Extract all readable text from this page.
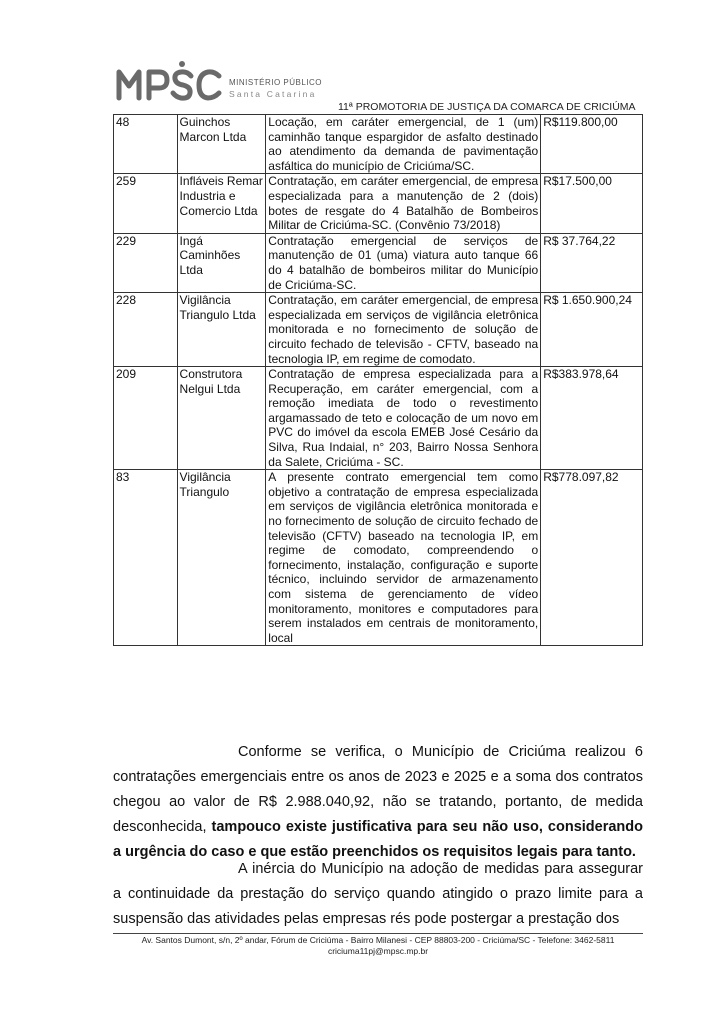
MINISTÉRIO PÚBLICO
Santa Catarina
11ª PROMOTORIA DE JUSTIÇA DA COMARCA DE CRICIÚMA
48	Guinchos Marcon Ltda	Locação, em caráter emergencial, de 1 (um) caminhão tanque espargidor de asfalto destinado ao atendimento da demanda de pavimentação asfáltica do município de Criciúma/SC.	R$119.800,00
259	Infláveis Remar Industria e Comercio Ltda	Contratação, em caráter emergencial, de empresa especializada para a manutenção de 2 (dois) botes de resgate do 4 Batalhão de Bombeiros Militar de Criciúma-SC. (Convênio 73/2018)	R$17.500,00
229	Ingá Caminhões Ltda	Contratação emergencial de serviços de manutenção de 01 (uma) viatura auto tanque 66 do 4 batalhão de bombeiros militar do Município de Criciúma-SC.	R$ 37.764,22
228	Vigilância Triangulo Ltda	Contratação, em caráter emergencial, de empresa especializada em serviços de vigilância eletrônica monitorada e no fornecimento de solução de circuito fechado de televisão - CFTV, baseado na tecnologia IP, em regime de comodato.	R$ 1.650.900,24
209	Construtora Nelgui Ltda	Contratação de empresa especializada para a Recuperação, em caráter emergencial, com a remoção imediata de todo o revestimento argamassado de teto e colocação de um novo em PVC do imóvel da escola EMEB José Cesário da Silva, Rua Indaial, n° 203, Bairro Nossa Senhora da Salete, Criciúma - SC.	R$383.978,64
83	Vigilância Triangulo	A presente contrato emergencial tem como objetivo a contratação de empresa especializada em serviços de vigilância eletrônica monitorada e no fornecimento de solução de circuito fechado de televisão (CFTV) baseado na tecnologia IP, em regime de comodato, compreendendo o fornecimento, instalação, configuração e suporte técnico, incluindo servidor de armazenamento com sistema de gerenciamento de vídeo monitoramento, monitores e computadores para serem instalados em centrais de monitoramento, local	R$778.097,82
Conforme se verifica, o Município de Criciúma realizou 6 contratações emergenciais entre os anos de 2023 e 2025 e a soma dos contratos chegou ao valor de R$ 2.988.040,92, não se tratando, portanto, de medida desconhecida, tampouco existe justificativa para seu não uso, considerando a urgência do caso e que estão preenchidos os requisitos legais para tanto.
A inércia do Município na adoção de medidas para assegurar a continuidade da prestação do serviço quando atingido o prazo limite para a suspensão das atividades pelas empresas rés pode postergar a prestação dos
Av. Santos Dumont, s/n, 2º andar, Fórum de Criciúma - Bairro Milanesi - CEP 88803-200 - Criciúma/SC - Telefone: 3462-5811
criciuma11pj@mpsc.mp.br
